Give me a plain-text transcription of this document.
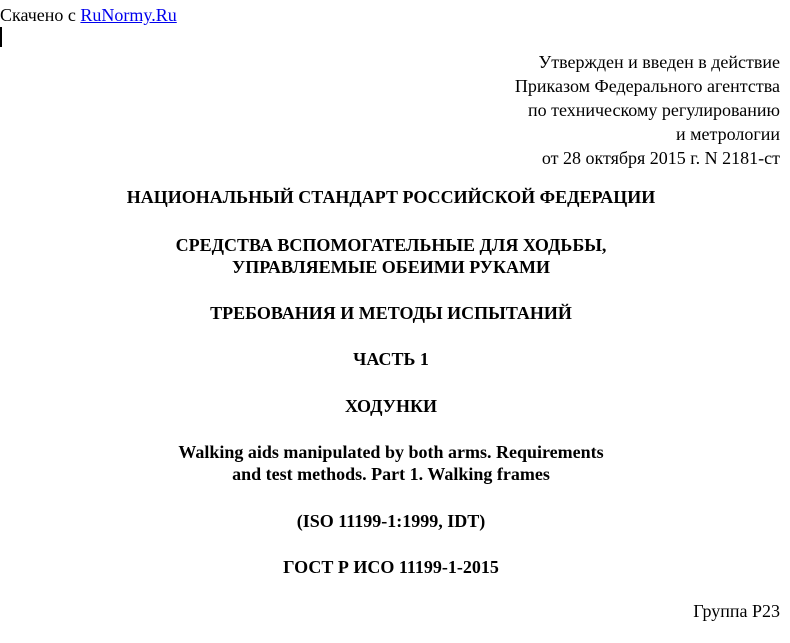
Скачено с RuNormy.Ru
Утвержден и введен в действие
Приказом Федерального агентства
по техническому регулированию
и метрологии
от 28 октября 2015 г. N 2181-ст
НАЦИОНАЛЬНЫЙ СТАНДАРТ РОССИЙСКОЙ ФЕДЕРАЦИИ
СРЕДСТВА ВСПОМОГАТЕЛЬНЫЕ ДЛЯ ХОДЬБЫ,
УПРАВЛЯЕМЫЕ ОБЕИМИ РУКАМИ
ТРЕБОВАНИЯ И МЕТОДЫ ИСПЫТАНИЙ
ЧАСТЬ 1
ХОДУНКИ
Walking aids manipulated by both arms. Requirements
and test methods. Part 1. Walking frames
(ISO 11199-1:1999, IDT)
ГОСТ Р ИСО 11199-1-2015
Группа Р23
